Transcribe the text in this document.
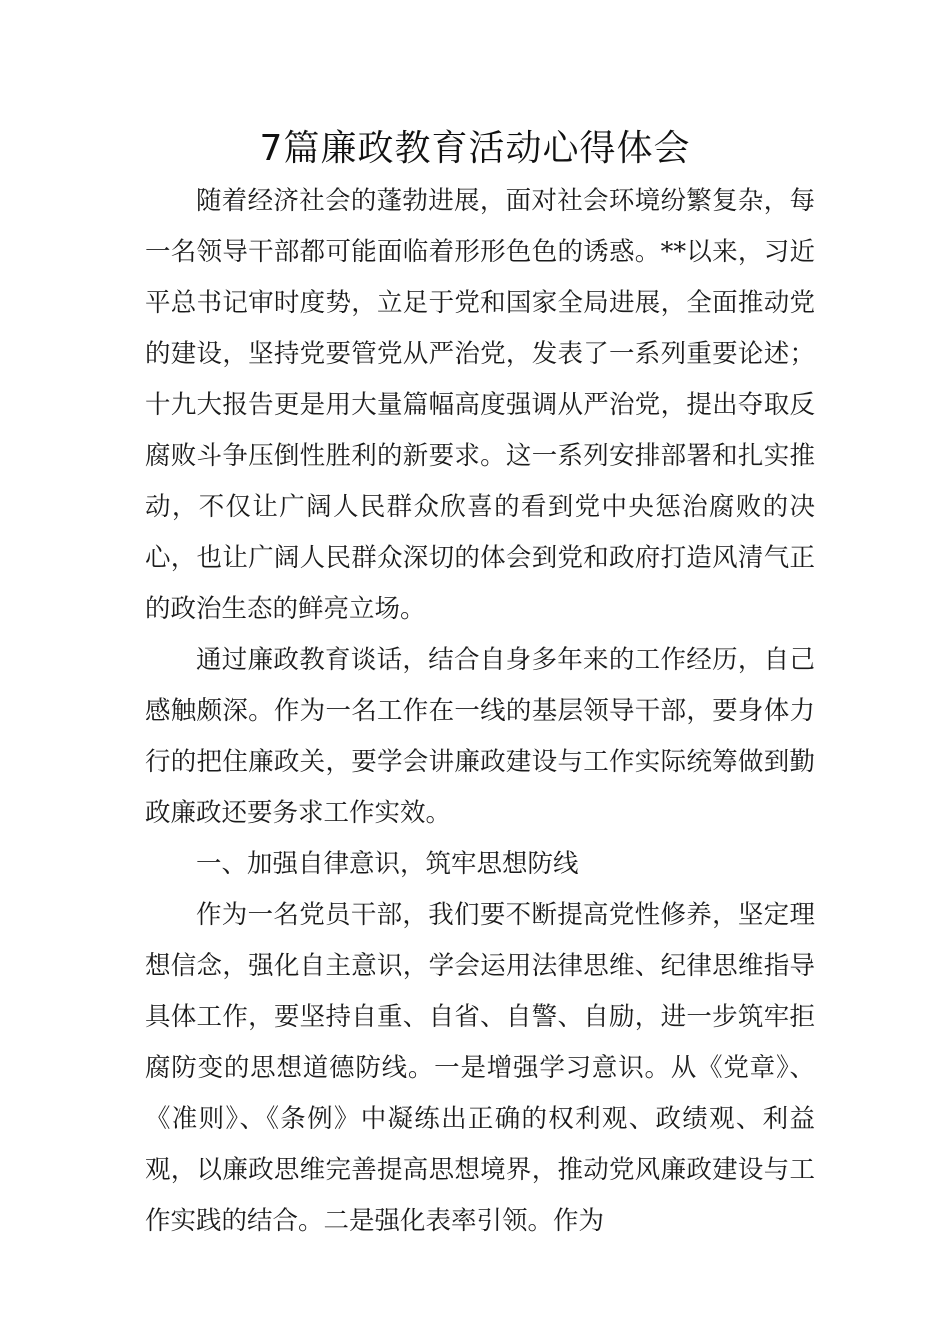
7篇廉政教育活动心得体会

随着经济社会的蓬勃进展，面对社会环境纷繁复杂，每一名领导干部都可能面临着形形色色的诱惑。**以来，习近平总书记审时度势，立足于党和国家全局进展，全面推动党的建设，坚持党要管党从严治党，发表了一系列重要论述；十九大报告更是用大量篇幅高度强调从严治党，提出夺取反腐败斗争压倒性胜利的新要求。这一系列安排部署和扎实推动，不仅让广阔人民群众欣喜的看到党中央惩治腐败的决心，也让广阔人民群众深切的体会到党和政府打造风清气正的政治生态的鲜亮立场。

通过廉政教育谈话，结合自身多年来的工作经历，自己感触颇深。作为一名工作在一线的基层领导干部，要身体力行的把住廉政关，要学会讲廉政建设与工作实际统筹做到勤政廉政还要务求工作实效。

一、加强自律意识，筑牢思想防线

作为一名党员干部，我们要不断提高党性修养，坚定理想信念，强化自主意识，学会运用法律思维、纪律思维指导具体工作，要坚持自重、自省、自警、自励，进一步筑牢拒腐防变的思想道德防线。一是增强学习意识。从《党章》、《准则》、《条例》中凝练出正确的权利观、政绩观、利益观，以廉政思维完善提高思想境界，推动党风廉政建设与工作实践的结合。二是强化表率引领。作为
